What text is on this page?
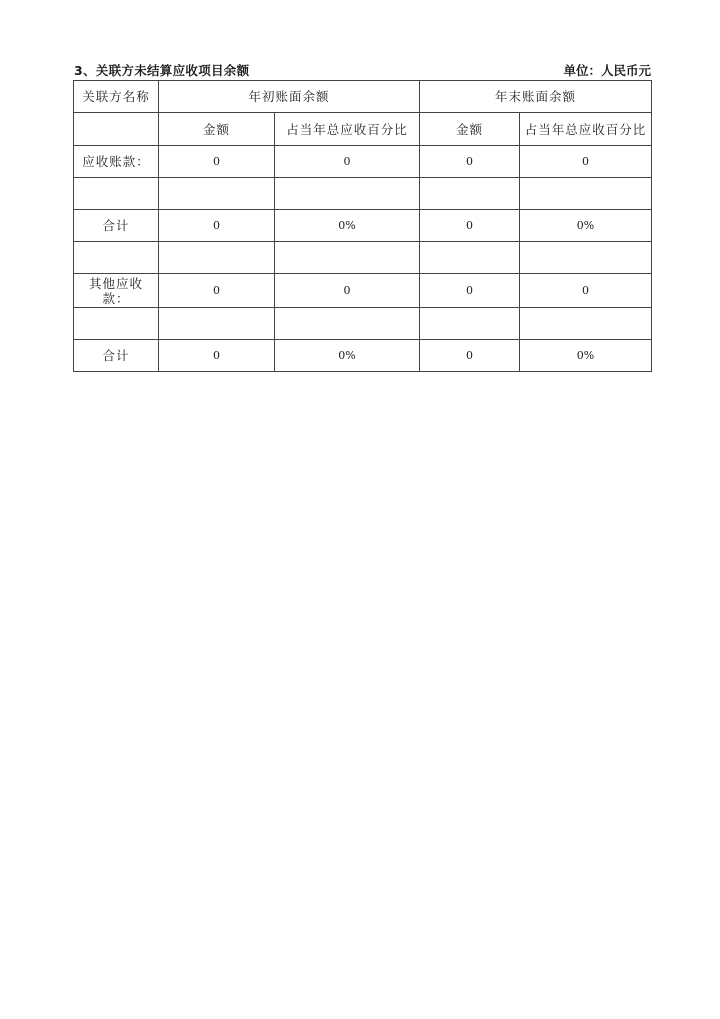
3、关联方未结算应收项目余额	单位：人民币元
关联方名称	年初账面余额		年末账面余额	
	金额	占当年总应收百分比	金额	占当年总应收百分比
应收账款：	0	0	0	0

合计	0	0%	0	0%

其他应收款：	0	0	0	0

合计	0	0%	0	0%
